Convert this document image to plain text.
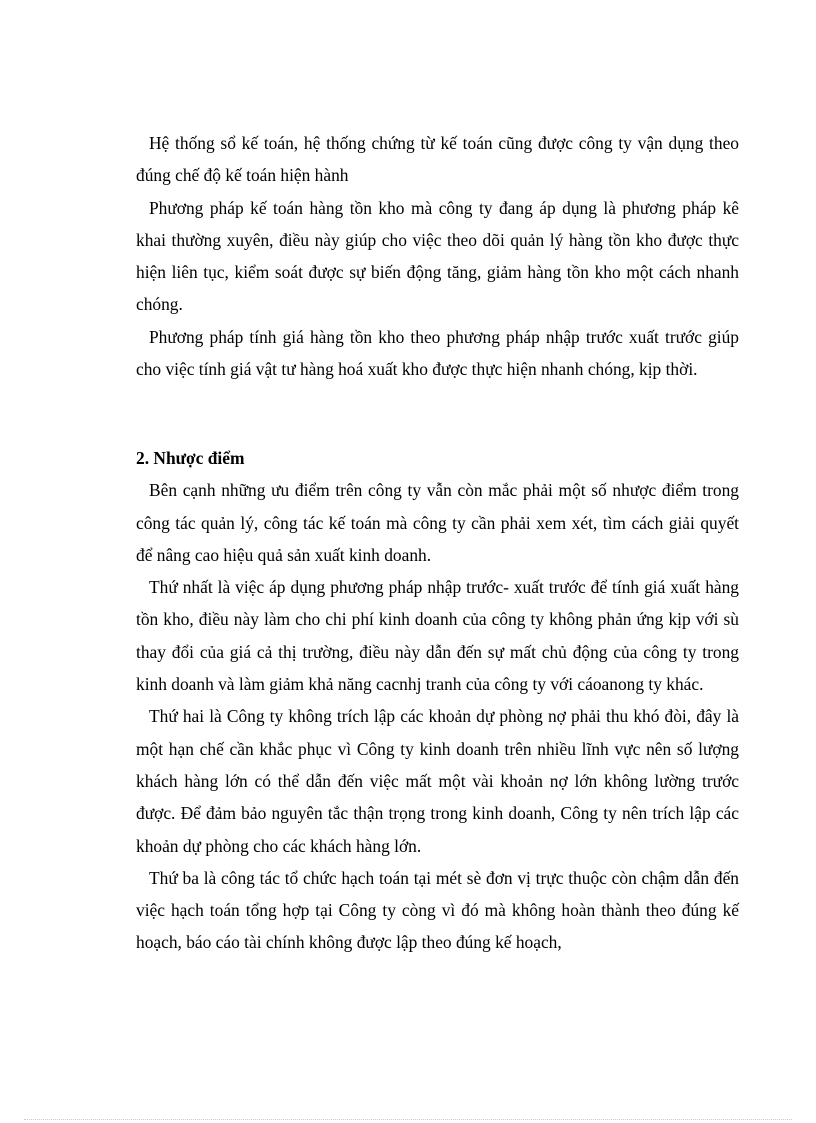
Hệ thống sổ kế toán, hệ thống chứng từ kế toán cũng được công ty vận dụng theo đúng chế độ kế toán hiện hành

Phương pháp kế toán hàng tồn kho mà công ty đang áp dụng là phương pháp kê khai thường xuyên, điều này giúp cho việc theo dõi quản lý hàng tồn kho được thực hiện liên tục, kiểm soát được sự biến động tăng, giảm hàng tồn kho một cách nhanh chóng.

Phương pháp tính giá hàng tồn kho theo phương pháp nhập trước xuất trước giúp cho việc tính giá vật tư hàng hoá xuất kho được thực hiện nhanh chóng, kịp thời.

2. Nhược điểm

Bên cạnh những ưu điểm trên công ty vẫn còn mắc phải một số nhược điểm trong công tác quản lý, công tác kế toán mà công ty cần phải xem xét, tìm cách giải quyết để nâng cao hiệu quả sản xuất kinh doanh.

Thứ nhất là việc áp dụng phương pháp nhập trước- xuất trước để tính giá xuất hàng tồn kho, điều này làm cho chi phí kinh doanh của công ty không phản ứng kịp với sù thay đổi của giá cả thị trường, điều này dẫn đến sự mất chủ động của công ty trong kinh doanh và làm giảm khả năng cacnhj tranh của công ty với cáoanong ty khác.

Thứ hai là Công ty không trích lập các khoản dự phòng nợ phải thu khó đòi, đây là một hạn chế cần khắc phục vì Công ty kinh doanh trên nhiều lĩnh vực nên số lượng khách hàng lớn có thể dẫn đến việc mất một vài khoản nợ lớn không lường trước được. Để đảm bảo nguyên tắc thận trọng trong kinh doanh, Công ty nên trích lập các khoản dự phòng cho các khách hàng lớn.

Thứ ba là công tác tổ chức hạch toán tại mét sè đơn vị trực thuộc còn chậm dẫn đến việc hạch toán tổng hợp tại Công ty còng vì đó mà không hoàn thành theo đúng kế hoạch, báo cáo tài chính không được lập theo đúng kế hoạch,
